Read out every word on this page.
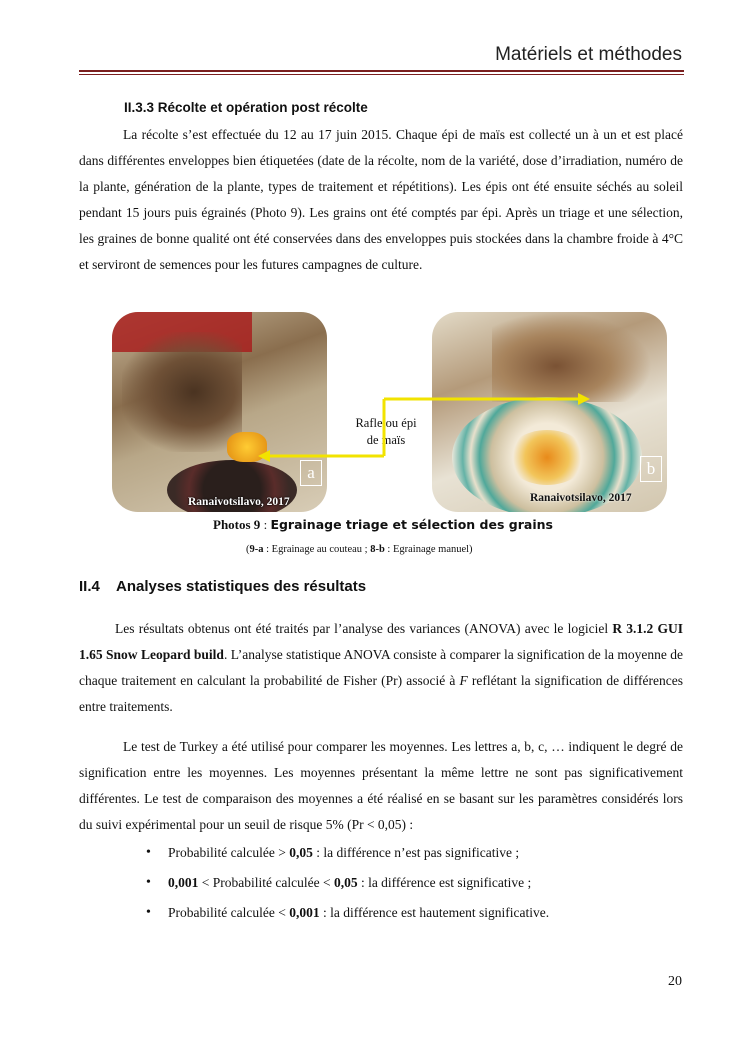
Matériels et méthodes
II.3.3 Récolte et opération post récolte

La récolte s’est effectuée du 12 au 17 juin 2015. Chaque épi de maïs est collecté un à un et est placé dans différentes enveloppes bien étiquetées (date de la récolte, nom de la variété, dose d’irradiation, numéro de la plante, génération de la plante, types de traitement et répétitions). Les épis ont été ensuite séchés au soleil pendant 15 jours puis égrainés (Photo 9). Les grains ont été comptés par épi. Après un triage et une sélection, les graines de bonne qualité ont été conservées dans des enveloppes puis stockées dans la chambre froide à 4°C et serviront de semences pour les futures campagnes de culture.

a
Ranaivotsilavo, 2017
b
Ranaivotsilavo, 2017
Rafle ou épi
de maïs
Photos 9 : Egrainage triage et sélection des grains
(9-a : Egrainage au couteau ; 8-b : Egrainage manuel)
II.4 Analyses statistiques des résultats

Les résultats obtenus ont été traités par l’analyse des variances (ANOVA) avec le logiciel R 3.1.2 GUI 1.65 Snow Leopard build. L’analyse statistique ANOVA consiste à comparer la signification de la moyenne de chaque traitement en calculant la probabilité de Fisher (Pr) associé à F reflétant la signification de différences entre traitements.

Le test de Turkey a été utilisé pour comparer les moyennes. Les lettres a, b, c, … indiquent le degré de signification entre les moyennes. Les moyennes présentant la même lettre ne sont pas significativement différentes. Le test de comparaison des moyennes a été réalisé en se basant sur les paramètres considérés lors du suivi expérimental pour un seuil de risque 5% (Pr < 0,05) :

• Probabilité calculée > 0,05 : la différence n’est pas significative ;
• 0,001 < Probabilité calculée < 0,05 : la différence est significative ;
• Probabilité calculée < 0,001 : la différence est hautement significative.
20
